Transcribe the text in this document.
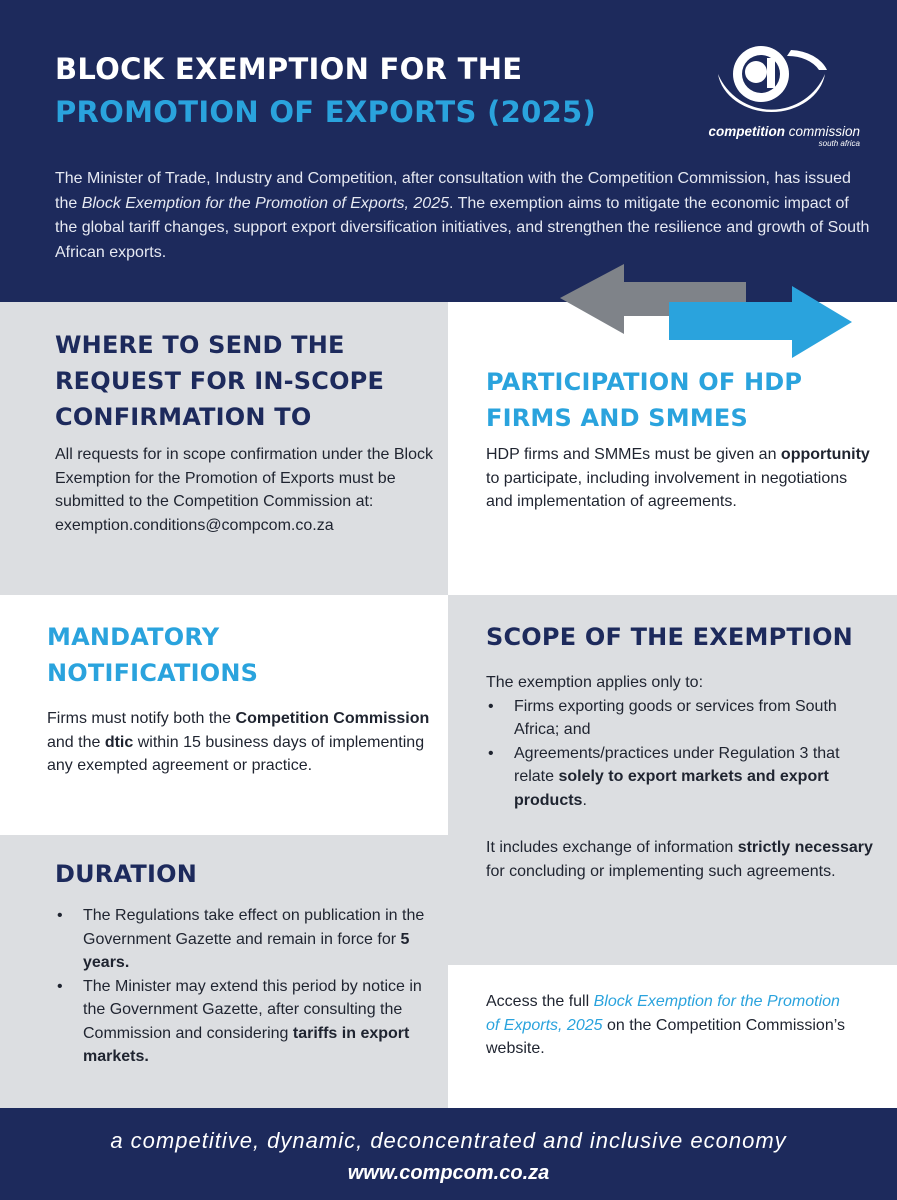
BLOCK EXEMPTION FOR THE
PROMOTION OF EXPORTS (2025)
competition commission
south africa

The Minister of Trade, Industry and Competition, after consultation with the Competition Commission, has issued the Block Exemption for the Promotion of Exports, 2025. The exemption aims to mitigate the economic impact of the global tariff changes, support export diversification initiatives, and strengthen the resilience and growth of South African exports.

WHERE TO SEND THE REQUEST FOR IN-SCOPE CONFIRMATION TO

All requests for in scope confirmation under the Block Exemption for the Promotion of Exports must be submitted to the Competition Commission at:

exemption.conditions@compcom.co.za

PARTICIPATION OF HDP FIRMS AND SMMES

HDP firms and SMMEs must be given an opportunity to participate, including involvement in negotiations and implementation of agreements.

MANDATORY NOTIFICATIONS

Firms must notify both the Competition Commission and the dtic within 15 business days of implementing any exempted agreement or practice.

SCOPE OF THE EXEMPTION

The exemption applies only to:

• Firms exporting goods or services from South Africa; and
• Agreements/practices under Regulation 3 that relate solely to export markets and export products.

It includes exchange of information strictly necessary for concluding or implementing such agreements.

DURATION
• The Regulations take effect on publication in the Government Gazette and remain in force for 5 years.
• The Minister may extend this period by notice in the Government Gazette, after consulting the Commission and considering tariffs in export markets.

Access the full Block Exemption for the Promotion of Exports, 2025 on the Competition Commission’s website.

a competitive, dynamic, deconcentrated and inclusive economy

www.compcom.co.za
